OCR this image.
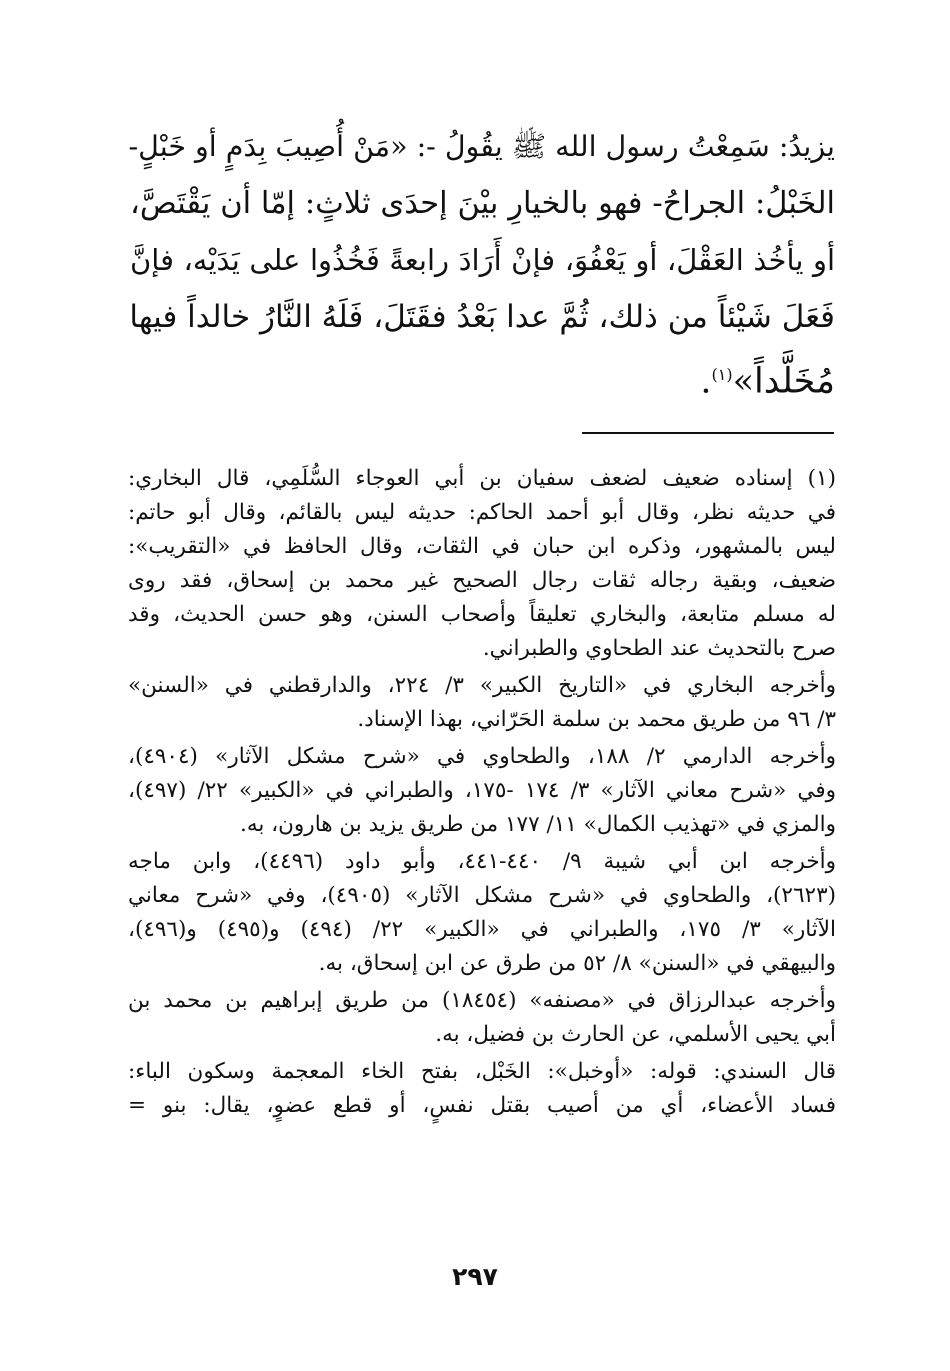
يزيدُ: سَمِعْتُ رسول الله ﷺ يقُولُ -: «مَنْ أُصِيبَ بِدَمٍ أو خَبْلٍ-
الخَبْلُ: الجراحُ- فهو بالخيارِ بيْنَ إحدَى ثلاثٍ: إمّا أن يَقْتَصَّ،
أو يأخُذ العَقْلَ، أو يَعْفُوَ، فإنْ أَرَادَ رابعةً فَخُذُوا على يَدَيْه، فإنَّ
فَعَلَ شَيْئاً من ذلك، ثُمَّ عدا بَعْدُ فقَتَلَ، فَلَهُ النَّارُ خالداً فيها
مُخَلَّداً»$^{(١)}$.
(١) إسناده ضعيف لضعف سفيان بن أبي العوجاء السُّلَمِي، قال البخاري:
في حديثه نظر، وقال أبو أحمد الحاكم: حديثه ليس بالقائم، وقال أبو حاتم:
ليس بالمشهور، وذكره ابن حبان في الثقات، وقال الحافظ في «التقريب»:
ضعيف، وبقية رجاله ثقات رجال الصحيح غير محمد بن إسحاق، فقد روى
له مسلم متابعة، والبخاري تعليقاً وأصحاب السنن، وهو حسن الحديث، وقد
صرح بالتحديث عند الطحاوي والطبراني.
وأخرجه البخاري في «التاريخ الكبير» ٣/ ٢٢٤، والدارقطني في «السنن»
٣/ ٩٦ من طريق محمد بن سلمة الحَرّاني، بهذا الإسناد.
وأخرجه الدارمي ٢/ ١٨٨، والطحاوي في «شرح مشكل الآثار» (٤٩٠٤)،
وفي «شرح معاني الآثار» ٣/ ١٧٤ -١٧٥، والطبراني في «الكبير» ٢٢/ (٤٩٧)،
والمزي في «تهذيب الكمال» ١١/ ١٧٧ من طريق يزيد بن هارون، به.
وأخرجه ابن أبي شيبة ٩/ ٤٤٠-٤٤١، وأبو داود (٤٤٩٦)، وابن ماجه
(٢٦٢٣)، والطحاوي في «شرح مشكل الآثار» (٤٩٠٥)، وفي «شرح معاني
الآثار» ٣/ ١٧٥، والطبراني في «الكبير» ٢٢/ (٤٩٤) و(٤٩٥) و(٤٩٦)،
والبيهقي في «السنن» ٨/ ٥٢ من طرق عن ابن إسحاق، به.
وأخرجه عبدالرزاق في «مصنفه» (١٨٤٥٤) من طريق إبراهيم بن محمد بن
أبي يحيى الأسلمي، عن الحارث بن فضيل، به.
قال السندي: قوله: «أوخبل»: الخَبْل، بفتح الخاء المعجمة وسكون الباء:
فساد الأعضاء، أي من أصيب بقتل نفسٍ، أو قطع عضوٍ، يقال: بنو =
٢٩٧
